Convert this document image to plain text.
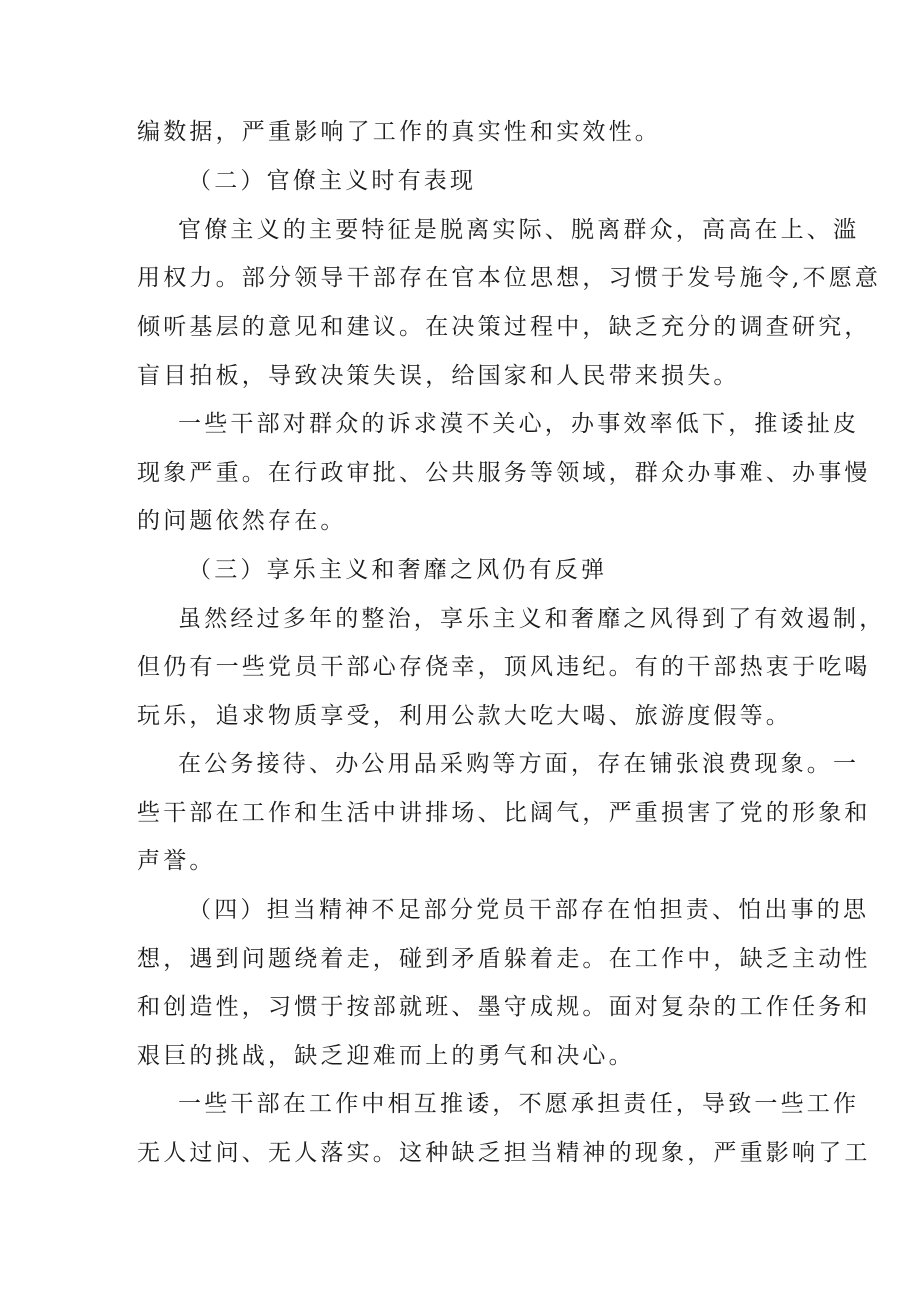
编数据，严重影响了工作的真实性和实效性。
（二）官僚主义时有表现
官僚主义的主要特征是脱离实际、脱离群众，高高在上、滥
用权力。部分领导干部存在官本位思想，习惯于发号施令,不愿意
倾听基层的意见和建议。在决策过程中，缺乏充分的调查研究，
盲目拍板，导致决策失误，给国家和人民带来损失。
一些干部对群众的诉求漠不关心，办事效率低下，推诿扯皮
现象严重。在行政审批、公共服务等领域，群众办事难、办事慢
的问题依然存在。
（三）享乐主义和奢靡之风仍有反弹
虽然经过多年的整治，享乐主义和奢靡之风得到了有效遏制，
但仍有一些党员干部心存侥幸，顶风违纪。有的干部热衷于吃喝
玩乐，追求物质享受，利用公款大吃大喝、旅游度假等。
在公务接待、办公用品采购等方面，存在铺张浪费现象。一
些干部在工作和生活中讲排场、比阔气，严重损害了党的形象和
声誉。
（四）担当精神不足部分党员干部存在怕担责、怕出事的思
想，遇到问题绕着走，碰到矛盾躲着走。在工作中，缺乏主动性
和创造性，习惯于按部就班、墨守成规。面对复杂的工作任务和
艰巨的挑战，缺乏迎难而上的勇气和决心。
一些干部在工作中相互推诿，不愿承担责任，导致一些工作
无人过问、无人落实。这种缺乏担当精神的现象，严重影响了工
